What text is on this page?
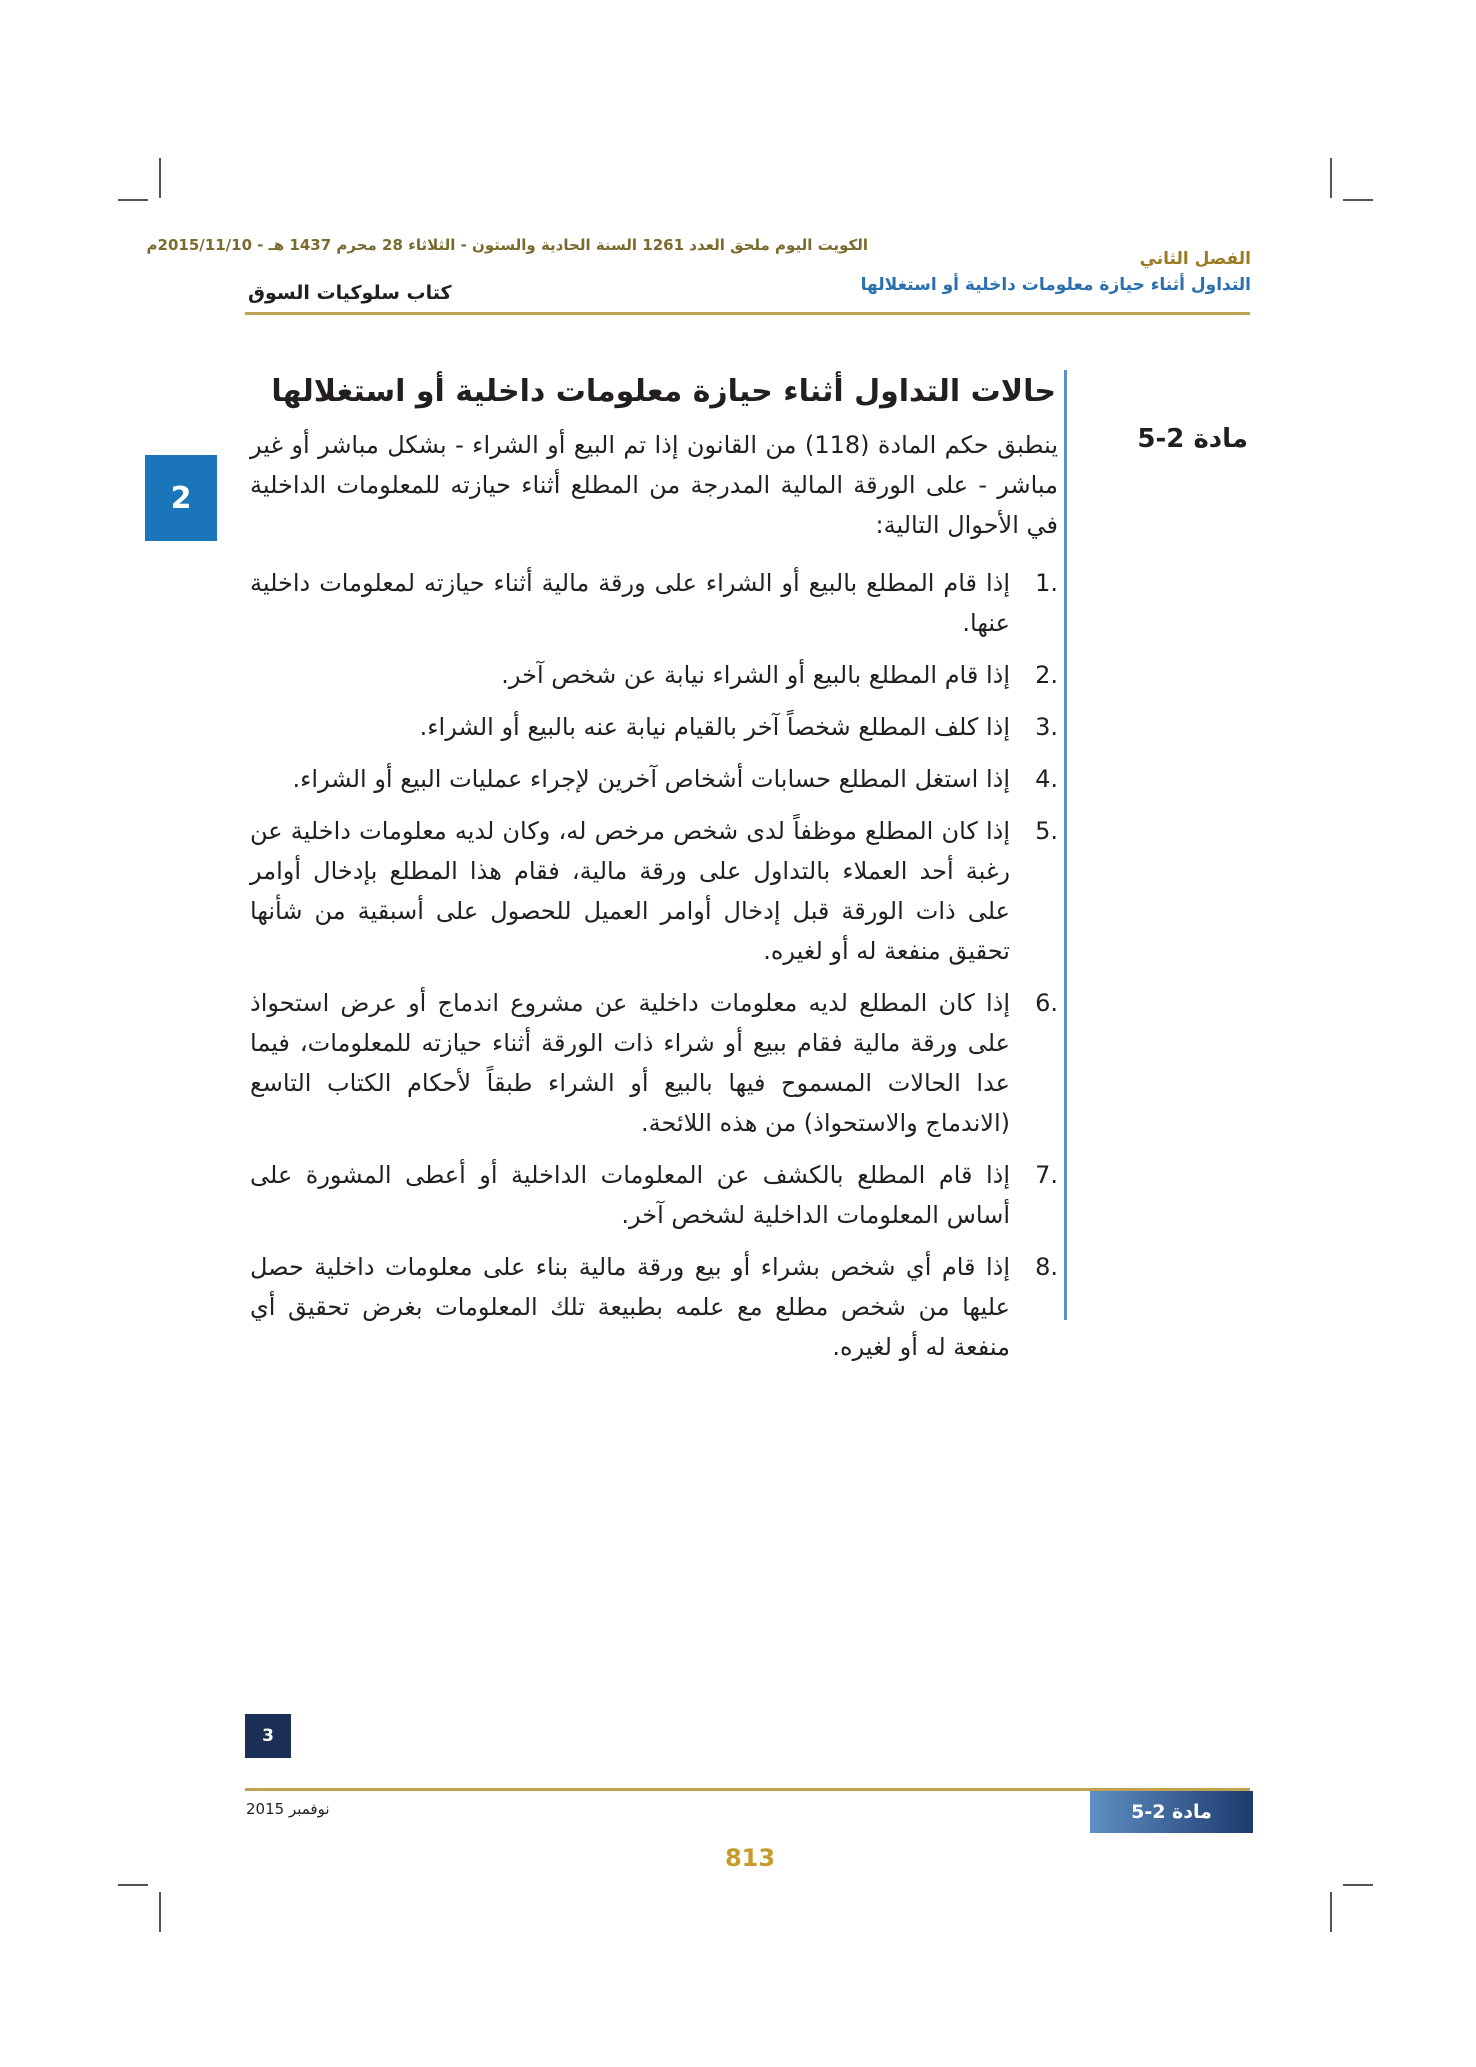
الكويت اليوم ملحق العدد 1261 السنة الحادية والستون - الثلاثاء 28 محرم 1437 هـ - 2015/11/10م
الفصل الثاني
التداول أثناء حيازة معلومات داخلية أو استغلالها
كتاب سلوكيات السوق
2
حالات التداول أثناء حيازة معلومات داخلية أو استغلالها
مادة 2-5

ينطبق حكم المادة (118) من القانون إذا تم البيع أو الشراء - بشكل مباشر أو غير مباشر - على الورقة المالية المدرجة من المطلع أثناء حيازته للمعلومات الداخلية في الأحوال التالية:

1.
إذا قام المطلع بالبيع أو الشراء على ورقة مالية أثناء حيازته لمعلومات داخلية عنها.
2.
إذا قام المطلع بالبيع أو الشراء نيابة عن شخص آخر.
3.
إذا كلف المطلع شخصاً آخر بالقيام نيابة عنه بالبيع أو الشراء.
4.
إذا استغل المطلع حسابات أشخاص آخرين لإجراء عمليات البيع أو الشراء.
5.
إذا كان المطلع موظفاً لدى شخص مرخص له، وكان لديه معلومات داخلية عن رغبة أحد العملاء بالتداول على ورقة مالية، فقام هذا المطلع بإدخال أوامر على ذات الورقة قبل إدخال أوامر العميل للحصول على أسبقية من شأنها تحقيق منفعة له أو لغيره.
6.
إذا كان المطلع لديه معلومات داخلية عن مشروع اندماج أو عرض استحواذ على ورقة مالية فقام ببيع أو شراء ذات الورقة أثناء حيازته للمعلومات، فيما عدا الحالات المسموح فيها بالبيع أو الشراء طبقاً لأحكام الكتاب التاسع (الاندماج والاستحواذ) من هذه اللائحة.
7.
إذا قام المطلع بالكشف عن المعلومات الداخلية أو أعطى المشورة على أساس المعلومات الداخلية لشخص آخر.
8.
إذا قام أي شخص بشراء أو بيع ورقة مالية بناء على معلومات داخلية حصل عليها من شخص مطلع مع علمه بطبيعة تلك المعلومات بغرض تحقيق أي منفعة له أو لغيره.
3
نوفمبر 2015	مادة 2-5
813
